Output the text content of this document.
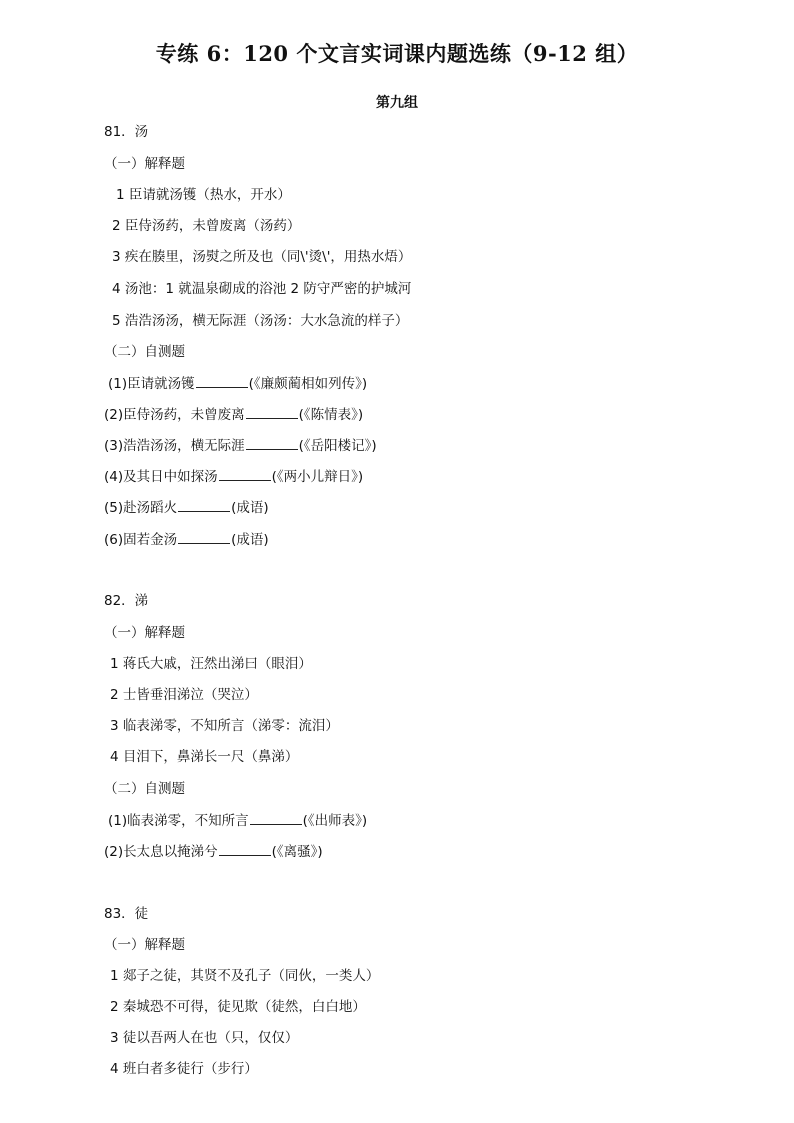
专练 6：120 个文言实词课内题选练（9-12 组）
第九组
81．汤
（一）解释题
1 臣请就汤镬（热水，开水）
2 臣侍汤药，未曾废离（汤药）
3 疾在腠里，汤熨之所及也（同\'烫\'，用热水焐）
4 汤池：1 就温泉砌成的浴池 2 防守严密的护城河
5 浩浩汤汤，横无际涯（汤汤：大水急流的样子）
（二）自测题
(1)臣请就汤镬	(《廉颇蔺相如列传》)
(2)臣侍汤药，未曾废离	(《陈情表》)
(3)浩浩汤汤，横无际涯	(《岳阳楼记》)
(4)及其日中如探汤	(《两小儿辩日》)
(5)赴汤蹈火	(成语)
(6)固若金汤	(成语)
82．涕
（一）解释题
1 蒋氏大戚，汪然出涕曰（眼泪）
2 士皆垂泪涕泣（哭泣）
3 临表涕零，不知所言（涕零：流泪）
4 目泪下，鼻涕长一尺（鼻涕）
（二）自测题
(1)临表涕零，不知所言	(《出师表》)
(2)长太息以掩涕兮	(《离骚》)
83．徒
（一）解释题
1 郯子之徒，其贤不及孔子（同伙，一类人）
2 秦城恐不可得，徒见欺（徒然，白白地）
3 徒以吾两人在也（只，仅仅）
4 班白者多徒行（步行）
